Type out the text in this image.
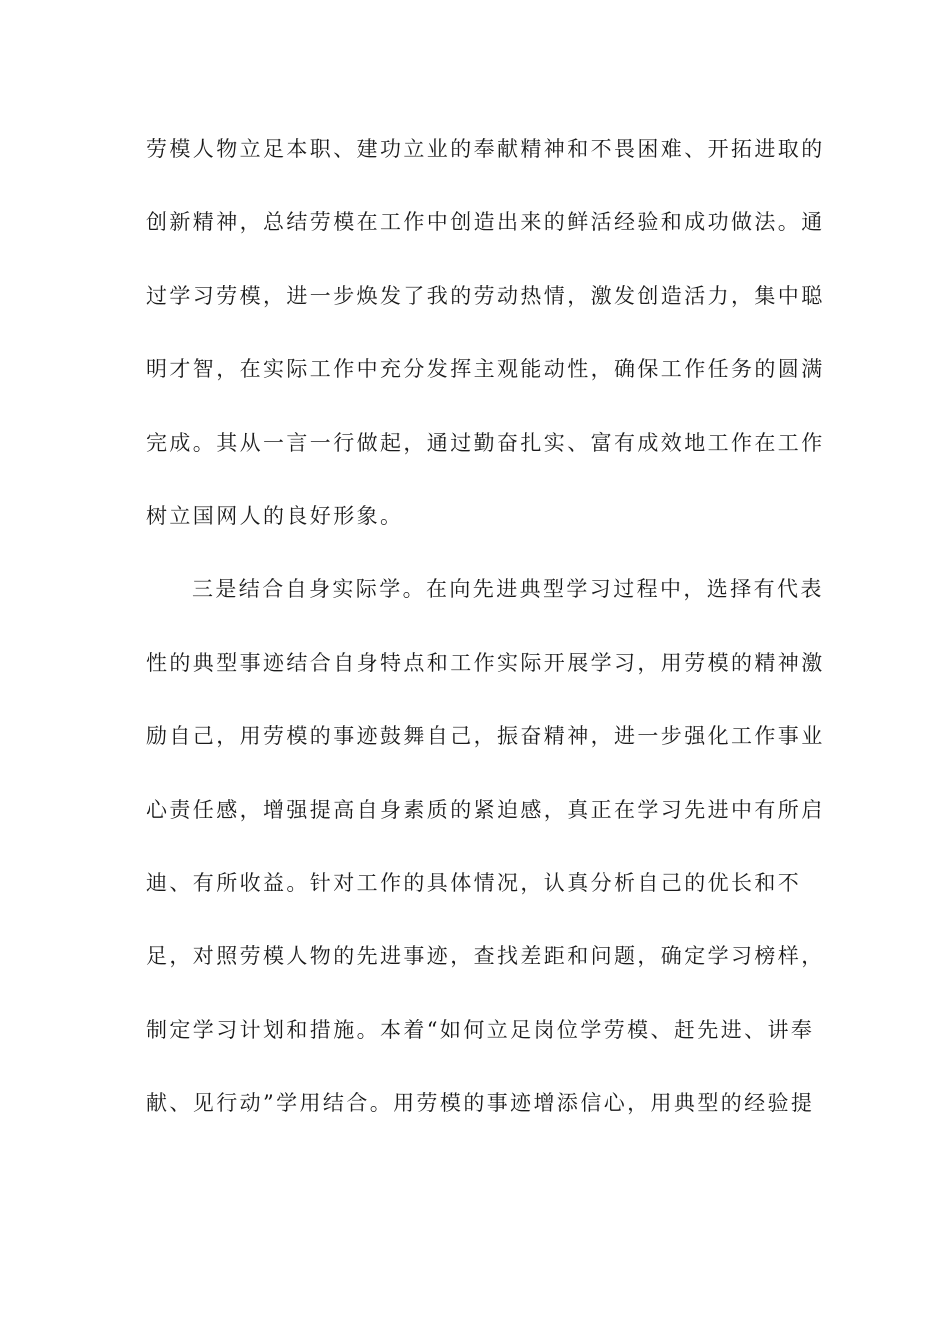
劳模人物立足本职、建功立业的奉献精神和不畏困难、开拓进取的
创新精神，总结劳模在工作中创造出来的鲜活经验和成功做法。通
过学习劳模，进一步焕发了我的劳动热情，激发创造活力，集中聪
明才智，在实际工作中充分发挥主观能动性，确保工作任务的圆满
完成。其从一言一行做起，通过勤奋扎实、富有成效地工作在工作
树立国网人的良好形象。
三是结合自身实际学。在向先进典型学习过程中，选择有代表
性的典型事迹结合自身特点和工作实际开展学习，用劳模的精神激
励自己，用劳模的事迹鼓舞自己，振奋精神，进一步强化工作事业
心责任感，增强提高自身素质的紧迫感，真正在学习先进中有所启
迪、有所收益。针对工作的具体情况，认真分析自己的优长和不
足，对照劳模人物的先进事迹，查找差距和问题，确定学习榜样，
制定学习计划和措施。本着“如何立足岗位学劳模、赶先进、讲奉
献、见行动”学用结合。用劳模的事迹增添信心，用典型的经验提
